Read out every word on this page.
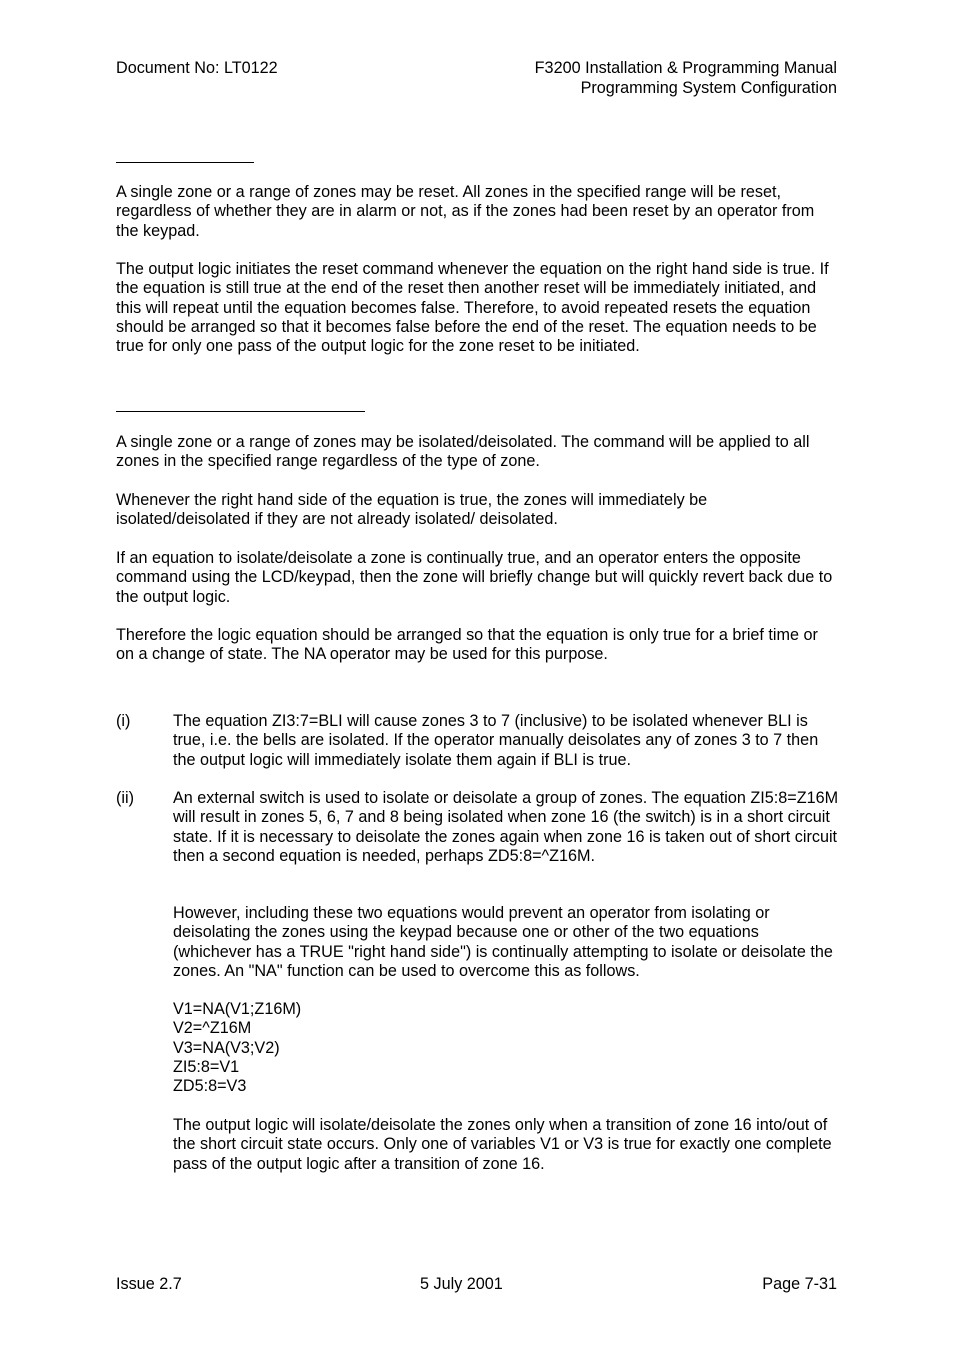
Document No: LT0122	F3200 Installation & Programming Manual
Programming System Configuration

A single zone or a range of zones may be reset. All zones in the specified range will be reset, regardless of whether they are in alarm or not, as if the zones had been reset by an operator from the keypad.

The output logic initiates the reset command whenever the equation on the right hand side is true. If the equation is still true at the end of the reset then another reset will be immediately initiated, and this will repeat until the equation becomes false. Therefore, to avoid repeated resets the equation should be arranged so that it becomes false before the end of the reset. The equation needs to be true for only one pass of the output logic for the zone reset to be initiated.

A single zone or a range of zones may be isolated/deisolated. The command will be applied to all zones in the specified range regardless of the type of zone.

Whenever the right hand side of the equation is true, the zones will immediately be isolated/deisolated if they are not already isolated/ deisolated.

If an equation to isolate/deisolate a zone is continually true, and an operator enters the opposite command using the LCD/keypad, then the zone will briefly change but will quickly revert back due to the output logic.

Therefore the logic equation should be arranged so that the equation is only true for a brief time or on a change of state. The NA operator may be used for this purpose.

(i)	The equation ZI3:7=BLI will cause zones 3 to 7 (inclusive) to be isolated whenever BLI is true, i.e. the bells are isolated. If the operator manually deisolates any of zones 3 to 7 then the output logic will immediately isolate them again if BLI is true.

(ii) An external switch is used to isolate or deisolate a group of zones. The equation ZI5:8=Z16M will result in zones 5, 6, 7 and 8 being isolated when zone 16 (the switch) is in a short circuit state. If it is necessary to deisolate the zones again when zone 16 is taken out of short circuit then a second equation is needed, perhaps ZD5:8=^Z16M.

However, including these two equations would prevent an operator from isolating or deisolating the zones using the keypad because one or other of the two equations (whichever has a TRUE "right hand side") is continually attempting to isolate or deisolate the zones. An "NA" function can be used to overcome this as follows.

V1=NA(V1;Z16M)
V2=^Z16M
V3=NA(V3;V2)
ZI5:8=V1
ZD5:8=V3

The output logic will isolate/deisolate the zones only when a transition of zone 16 into/out of the short circuit state occurs. Only one of variables V1 or V3 is true for exactly one complete pass of the output logic after a transition of zone 16.

Issue 2.7	5 July 2001	Page 7-31
